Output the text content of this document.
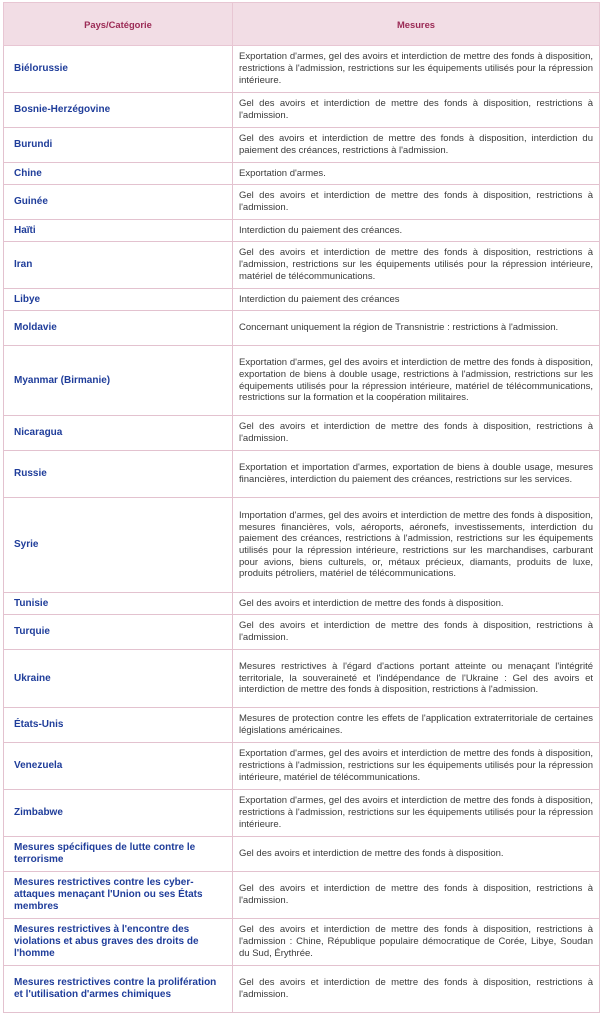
Pays/Catégorie	Mesures
Biélorussie	Exportation d'armes, gel des avoirs et interdiction de mettre des fonds à disposition, restrictions à l'admission, restrictions sur les équipements utilisés pour la répression intérieure.
Bosnie-Herzégovine	Gel des avoirs et interdiction de mettre des fonds à disposition, restrictions à l'admission.
Burundi	Gel des avoirs et interdiction de mettre des fonds à disposition, interdiction du paiement des créances, restrictions à l'admission.
Chine	Exportation d'armes.
Guinée	Gel des avoirs et interdiction de mettre des fonds à disposition, restrictions à l'admission.
Haïti	Interdiction du paiement des créances.
Iran	Gel des avoirs et interdiction de mettre des fonds à disposition, restrictions à l'admission, restrictions sur les équipements utilisés pour la répression intérieure, matériel de télécommunications.
Libye	Interdiction du paiement des créances
Moldavie	Concernant uniquement la région de Transnistrie : restrictions à l'admission.
Myanmar (Birmanie)	Exportation d'armes, gel des avoirs et interdiction de mettre des fonds à disposition, exportation de biens à double usage, restrictions à l'admission, restrictions sur les équipements utilisés pour la répression intérieure, matériel de télécommunications, restrictions sur la formation et la coopération militaires.
Nicaragua	Gel des avoirs et interdiction de mettre des fonds à disposition, restrictions à l'admission.
Russie	Exportation et importation d'armes, exportation de biens à double usage, mesures financières, interdiction du paiement des créances, restrictions sur les services.
Syrie	Importation d'armes, gel des avoirs et interdiction de mettre des fonds à disposition, mesures financières, vols, aéroports, aéronefs, investissements, interdiction du paiement des créances, restrictions à l'admission, restrictions sur les équipements utilisés pour la répression intérieure, restrictions sur les marchandises, carburant pour avions, biens culturels, or, métaux précieux, diamants, produits de luxe, produits pétroliers, matériel de télécommunications.
Tunisie	Gel des avoirs et interdiction de mettre des fonds à disposition.
Turquie	Gel des avoirs et interdiction de mettre des fonds à disposition, restrictions à l'admission.
Ukraine	Mesures restrictives à l'égard d'actions portant atteinte ou menaçant l'intégrité territoriale, la souveraineté et l'indépendance de l'Ukraine : Gel des avoirs et interdiction de mettre des fonds à disposition, restrictions à l'admission.
États-Unis	Mesures de protection contre les effets de l'application extraterritoriale de certaines législations américaines.
Venezuela	Exportation d'armes, gel des avoirs et interdiction de mettre des fonds à disposition, restrictions à l'admission, restrictions sur les équipements utilisés pour la répression intérieure, matériel de télécommunications.
Zimbabwe	Exportation d'armes, gel des avoirs et interdiction de mettre des fonds à disposition, restrictions à l'admission, restrictions sur les équipements utilisés pour la répression intérieure.
Mesures spécifiques de lutte contre le terrorisme	Gel des avoirs et interdiction de mettre des fonds à disposition.
Mesures restrictives contre les cyber-attaques menaçant l'Union ou ses États membres	Gel des avoirs et interdiction de mettre des fonds à disposition, restrictions à l'admission.
Mesures restrictives à l'encontre des violations et abus graves des droits de l'homme	Gel des avoirs et interdiction de mettre des fonds à disposition, restrictions à l'admission : Chine, République populaire démocratique de Corée, Libye, Soudan du Sud, Érythrée.
Mesures restrictives contre la prolifération et l'utilisation d'armes chimiques	Gel des avoirs et interdiction de mettre des fonds à disposition, restrictions à l'admission.
